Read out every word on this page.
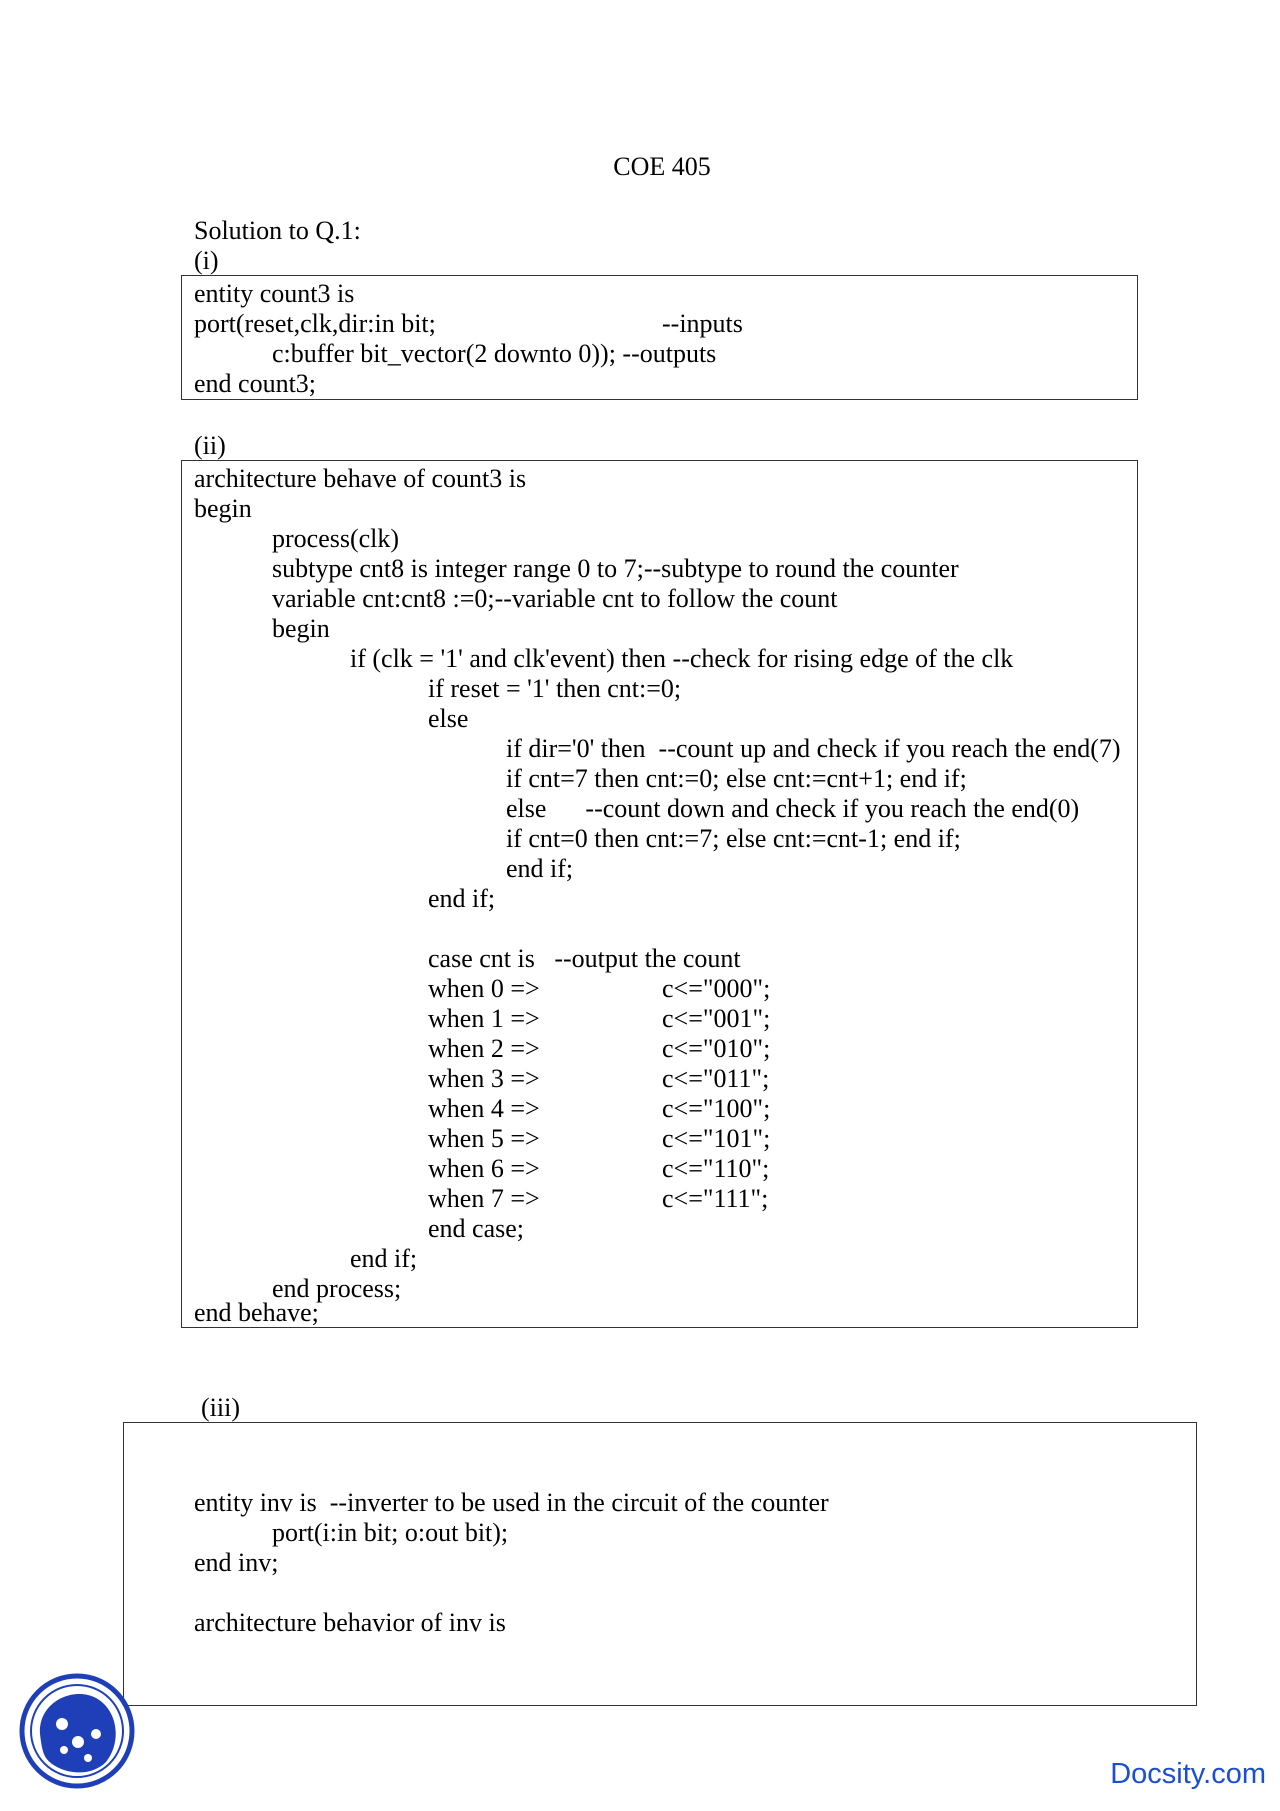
COE 405
Solution to Q.1:
(i)
entity count3 is
port(reset,clk,dir:in bit;	--inputs
c:buffer bit_vector(2 downto 0)); --outputs
end count3;
(ii)
architecture behave of count3 is
begin
process(clk)
subtype cnt8 is integer range 0 to 7;--subtype to round the counter
variable cnt:cnt8 :=0;--variable cnt to follow the count
begin
if (clk = '1' and clk'event) then --check for rising edge of the clk
if reset = '1' then cnt:=0;
else
if dir='0' then  --count up and check if you reach the end(7)
if cnt=7 then cnt:=0; else cnt:=cnt+1; end if;
else      --count down and check if you reach the end(0)
if cnt=0 then cnt:=7; else cnt:=cnt-1; end if;
end if;
end if;
case cnt is   --output the count
when 0 =>	c<="000";
when 1 =>	c<="001";
when 2 =>	c<="010";
when 3 =>	c<="011";
when 4 =>	c<="100";
when 5 =>	c<="101";
when 6 =>	c<="110";
when 7 =>	c<="111";
end case;
end if;
end process;
end behave;
(iii)
entity inv is  --inverter to be used in the circuit of the counter
port(i:in bit; o:out bit);
end inv;
architecture behavior of inv is
Docsity.com
